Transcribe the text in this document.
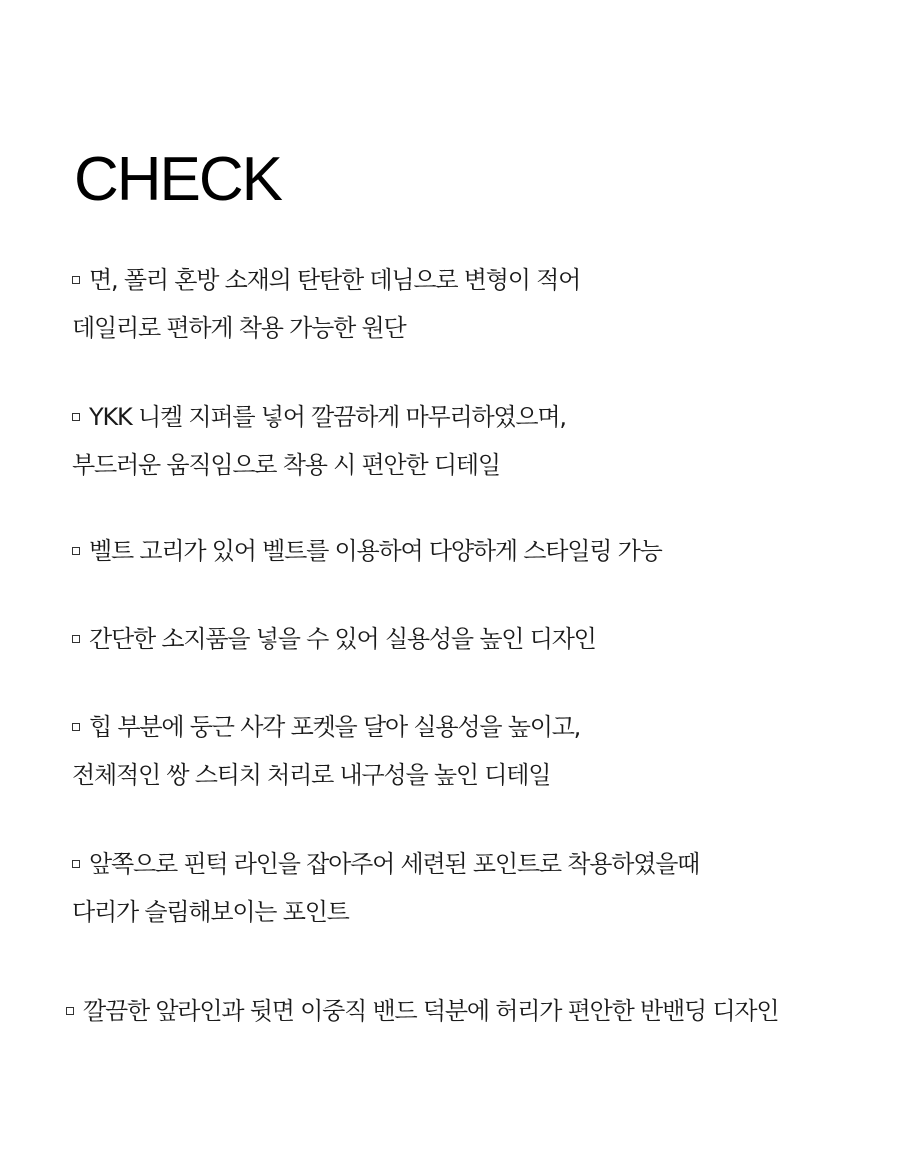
CHECK
면, 폴리 혼방 소재의 탄탄한 데님으로 변형이 적어
데일리로 편하게 착용 가능한 원단
YKK 니켈 지퍼를 넣어 깔끔하게 마무리하였으며,
부드러운 움직임으로 착용 시 편안한 디테일
벨트 고리가 있어 벨트를 이용하여 다양하게 스타일링 가능
간단한 소지품을 넣을 수 있어 실용성을 높인 디자인
힙 부분에 둥근 사각 포켓을 달아 실용성을 높이고,
전체적인 쌍 스티치 처리로 내구성을 높인 디테일
앞쪽으로 핀턱 라인을 잡아주어 세련된 포인트로 착용하였을때
다리가 슬림해보이는 포인트
깔끔한 앞라인과 뒷면 이중직 밴드 덕분에 허리가 편안한 반밴딩 디자인
